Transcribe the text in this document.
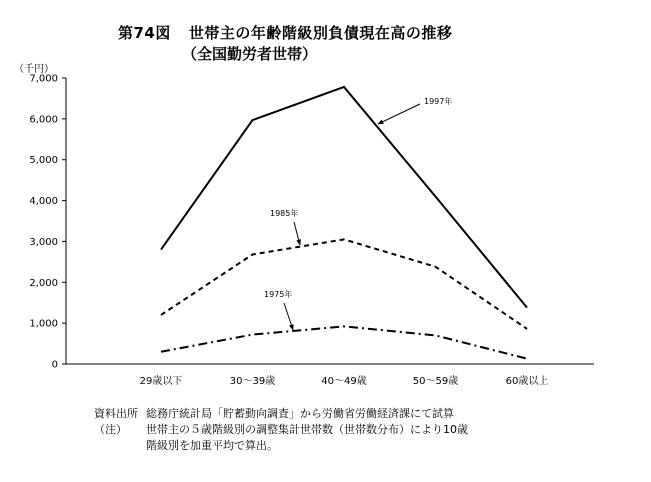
第74図 世帯主の年齢階級別負債現在高の推移
（全国勤労者世帯）
（千円）
0
1,000
2,000
3,000
4,000
5,000
6,000
7,000
29歳以下	30～39歳	40～49歳	50～59歳	60歳以上
1997年
1985年
1975年
資料出所 総務庁統計局「貯蓄動向調査」から労働省労働経済課にて試算
（注） 世帯主の５歳階級別の調整集計世帯数（世帯数分布）により10歳
階級別を加重平均で算出。
